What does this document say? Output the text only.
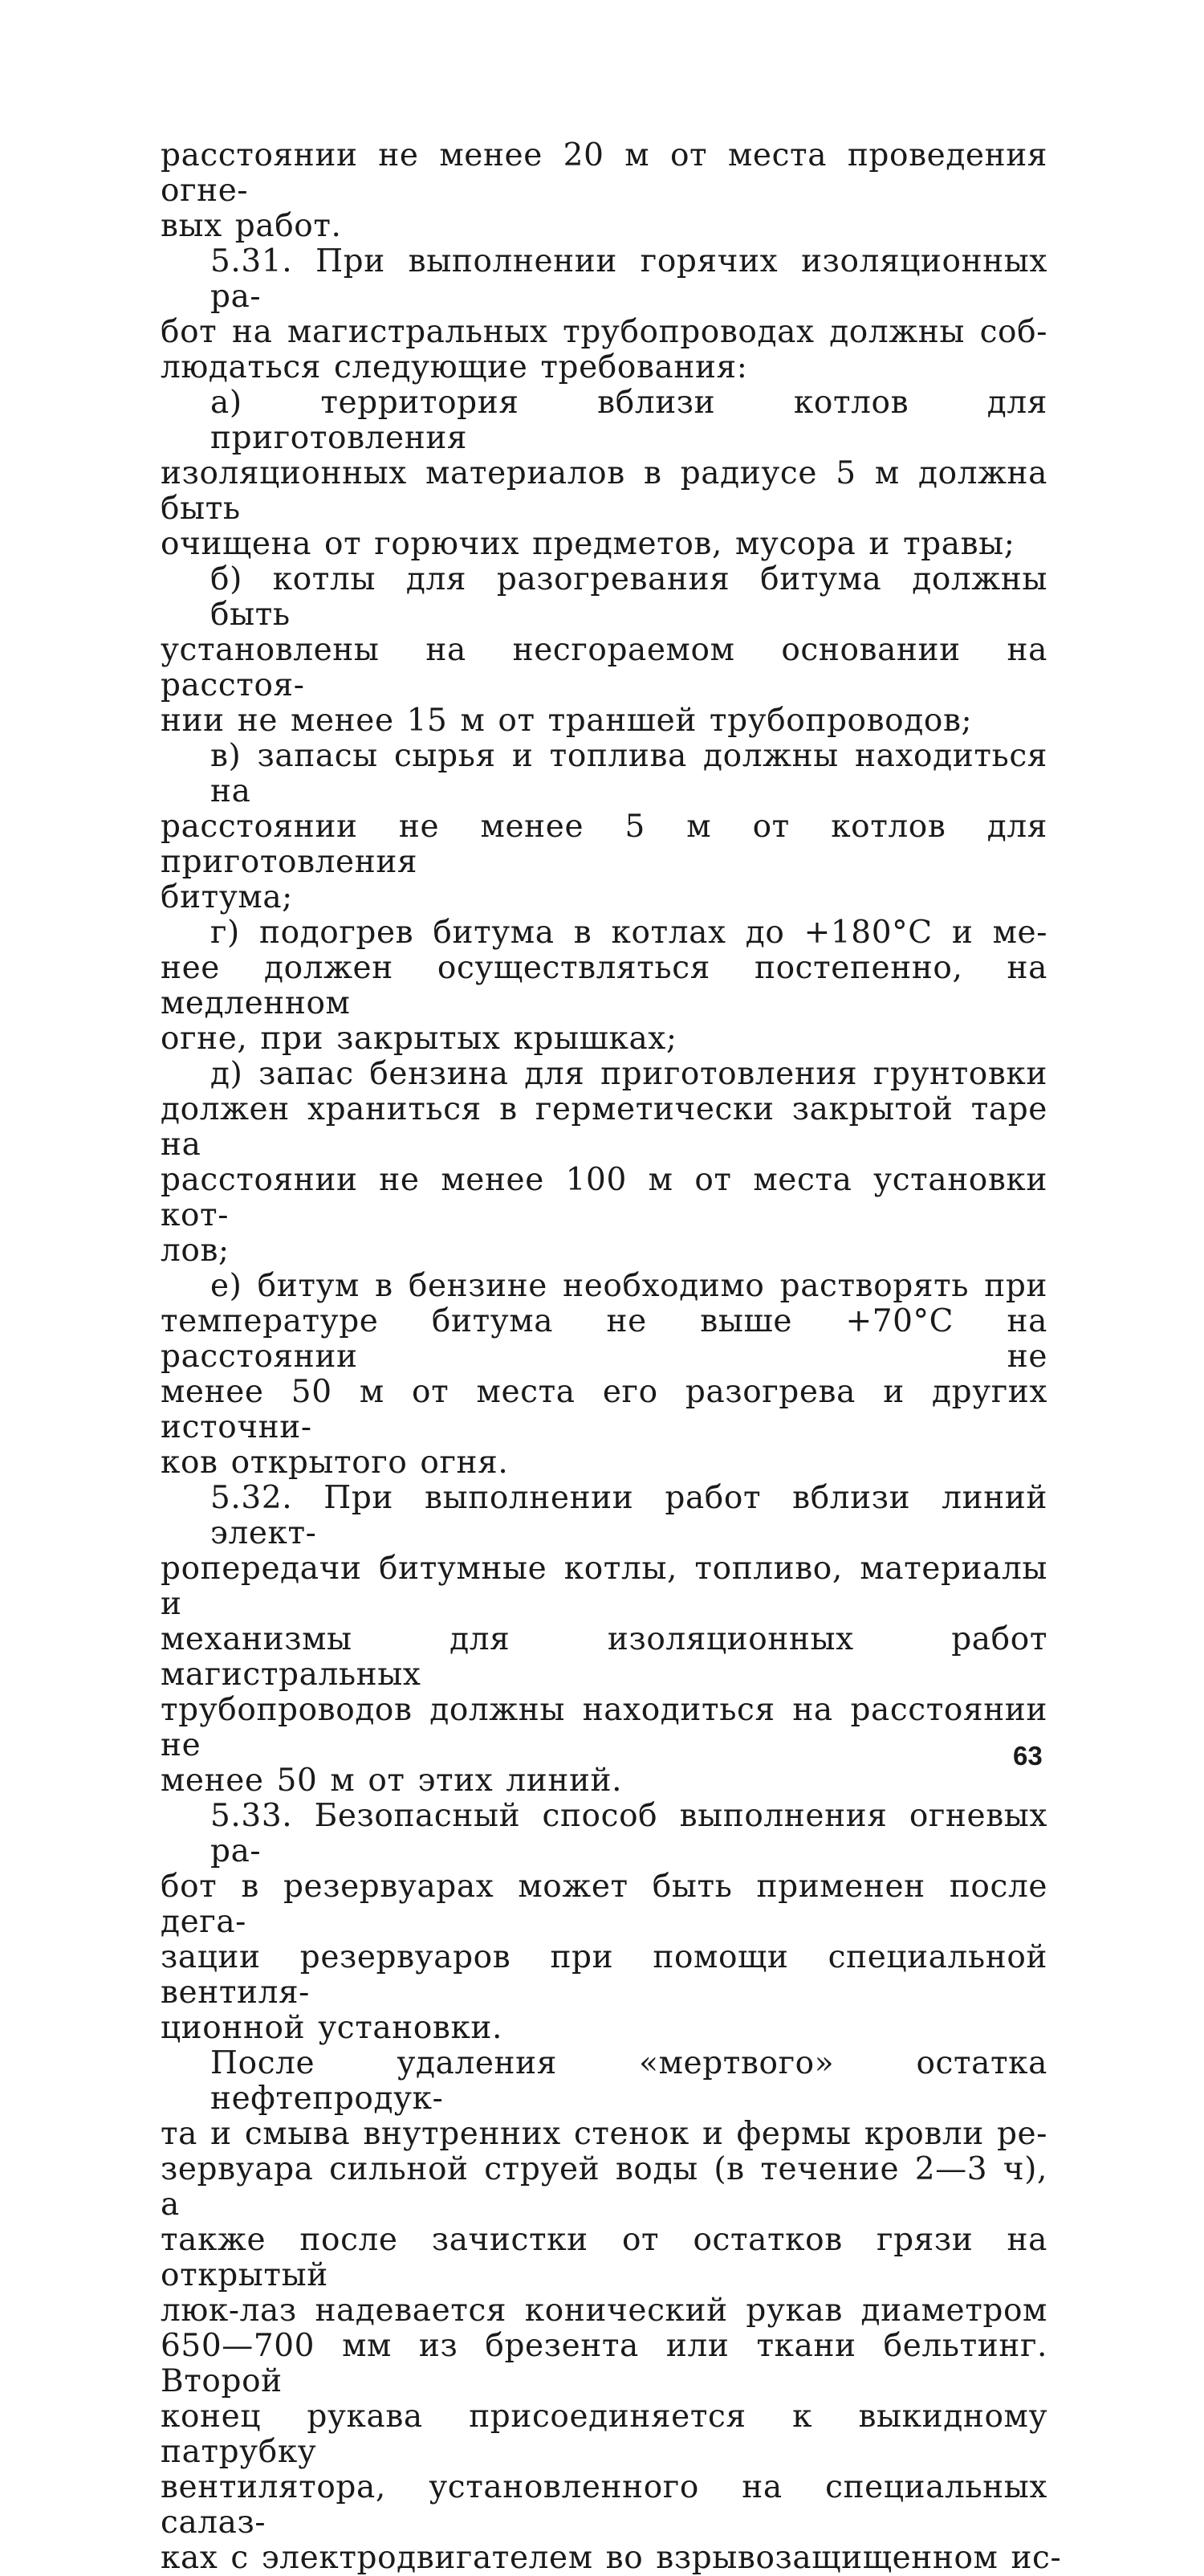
расстоянии не менее 20 м от места проведения огне-
вых работ.
5.31. При выполнении горячих изоляционных ра-
бот на магистральных трубопроводах должны соб-
людаться следующие требования:
а) территория вблизи котлов для приготовления
изоляционных материалов в радиусе 5 м должна быть
очищена от горючих предметов, мусора и травы;
б) котлы для разогревания битума должны быть
установлены на несгораемом основании на расстоя-
нии не менее 15 м от траншей трубопроводов;
в) запасы сырья и топлива должны находиться на
расстоянии не менее 5 м от котлов для приготовления
битума;
г) подогрев битума в котлах до +180°С и ме-
нее должен осуществляться постепенно, на медленном
огне, при закрытых крышках;
д) запас бензина для приготовления грунтовки
должен храниться в герметически закрытой таре на
расстоянии не менее 100 м от места установки кот-
лов;
е) битум в бензине необходимо растворять при
температуре битума не выше +70°С на расстоянии не
менее 50 м от места его разогрева и других источни-
ков открытого огня.
5.32. При выполнении работ вблизи линий элект-
ропередачи битумные котлы, топливо, материалы и
механизмы для изоляционных работ магистральных
трубопроводов должны находиться на расстоянии не
менее 50 м от этих линий.
5.33. Безопасный способ выполнения огневых ра-
бот в резервуарах может быть применен после дега-
зации резервуаров при помощи специальной вентиля-
ционной установки.
После удаления «мертвого» остатка нефтепродук-
та и смыва внутренних стенок и фермы кровли ре-
зервуара сильной струей воды (в течение 2—3 ч), а
также после зачистки от остатков грязи на открытый
люк-лаз надевается конический рукав диаметром
650—700 мм из брезента или ткани бельтинг. Второй
конец рукава присоединяется к выкидному патрубку
вентилятора, установленного на специальных салаз-
ках с электродвигателем во взрывозащищенном ис-
63
